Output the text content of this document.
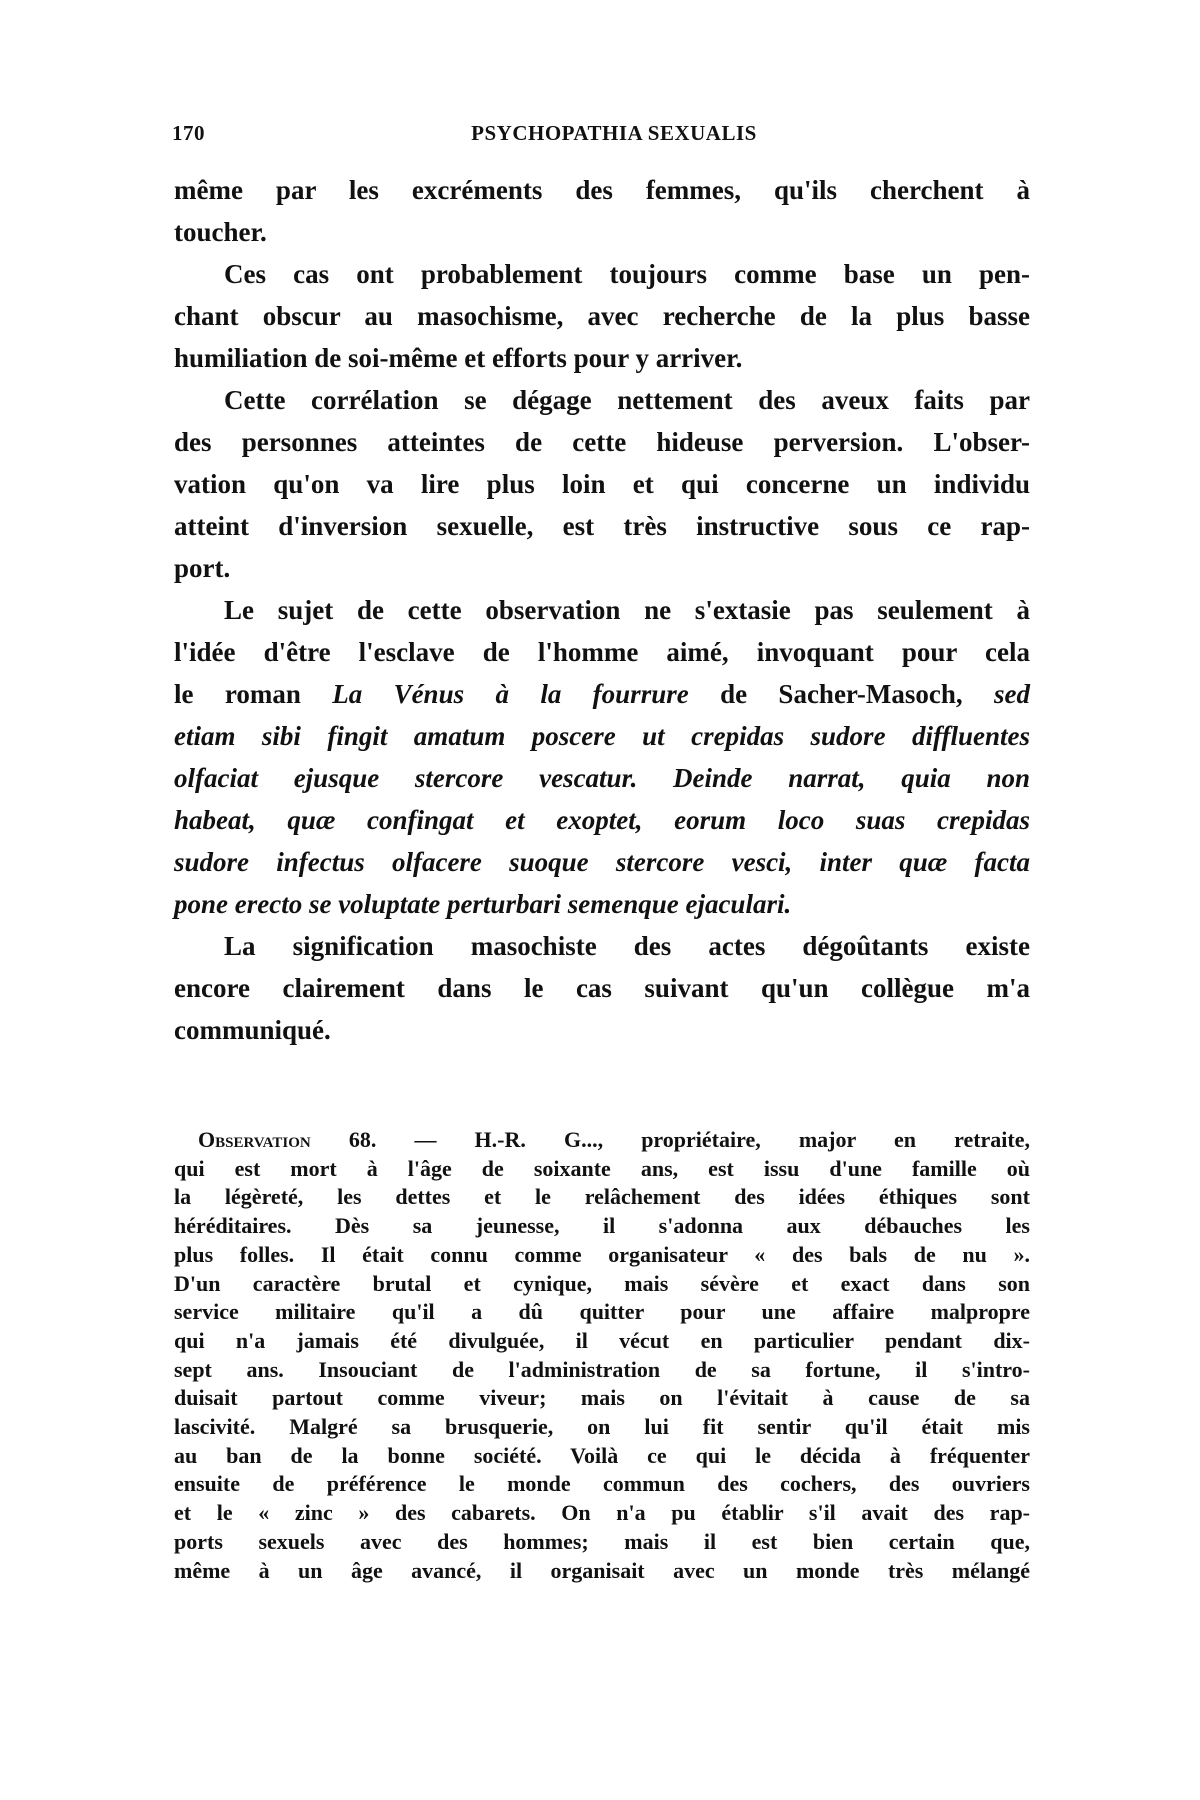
170	PSYCHOPATHIA SEXUALIS
même par les excréments des femmes, qu'ils cherchent à
toucher.
Ces cas ont probablement toujours comme base un pen-
chant obscur au masochisme, avec recherche de la plus basse
humiliation de soi-même et efforts pour y arriver.
Cette corrélation se dégage nettement des aveux faits par
des personnes atteintes de cette hideuse perversion. L'obser-
vation qu'on va lire plus loin et qui concerne un individu
atteint d'inversion sexuelle, est très instructive sous ce rap-
port.
Le sujet de cette observation ne s'extasie pas seulement à
l'idée d'être l'esclave de l'homme aimé, invoquant pour cela
le roman La Vénus à la fourrure de Sacher-Masoch, sed
etiam sibi fingit amatum poscere ut crepidas sudore diffluentes
olfaciat ejusque stercore vescatur. Deinde narrat, quia non
habeat, quæ confingat et exoptet, eorum loco suas crepidas
sudore infectus olfacere suoque stercore vesci, inter quæ facta
pone erecto se voluptate perturbari semenque ejaculari.
La signification masochiste des actes dégoûtants existe
encore clairement dans le cas suivant qu'un collègue m'a
communiqué.
Observation 68. — H.-R. G..., propriétaire, major en retraite,
qui est mort à l'âge de soixante ans, est issu d'une famille où
la légèreté, les dettes et le relâchement des idées éthiques sont
héréditaires. Dès sa jeunesse, il s'adonna aux débauches les
plus folles. Il était connu comme organisateur « des bals de nu ».
D'un caractère brutal et cynique, mais sévère et exact dans son
service militaire qu'il a dû quitter pour une affaire malpropre
qui n'a jamais été divulguée, il vécut en particulier pendant dix-
sept ans. Insouciant de l'administration de sa fortune, il s'intro-
duisait partout comme viveur; mais on l'évitait à cause de sa
lascivité. Malgré sa brusquerie, on lui fit sentir qu'il était mis
au ban de la bonne société. Voilà ce qui le décida à fréquenter
ensuite de préférence le monde commun des cochers, des ouvriers
et le « zinc » des cabarets. On n'a pu établir s'il avait des rap-
ports sexuels avec des hommes; mais il est bien certain que,
même à un âge avancé, il organisait avec un monde très mélangé
